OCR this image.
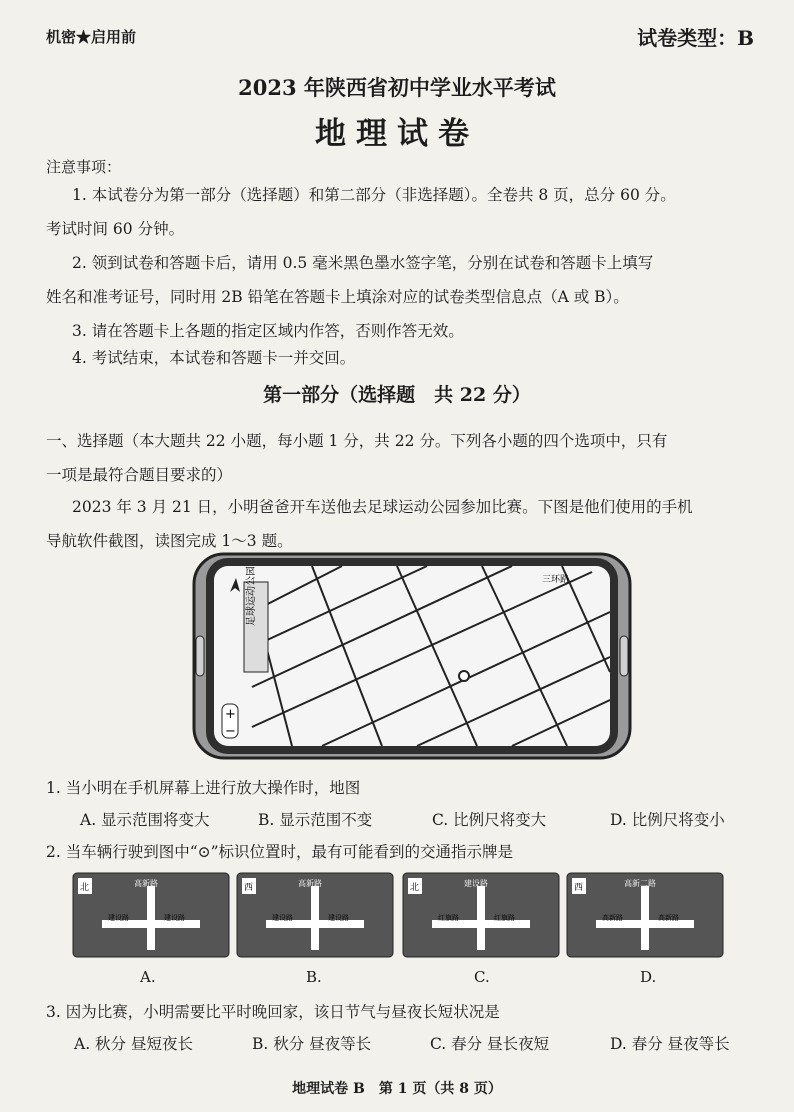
机密★启用前	试卷类型：B
2023 年陕西省初中学业水平考试
地理试卷
注意事项：
1. 本试卷分为第一部分（选择题）和第二部分（非选择题）。全卷共 8 页，总分 60 分。
考试时间 60 分钟。
2. 领到试卷和答题卡后，请用 0.5 毫米黑色墨水签字笔，分别在试卷和答题卡上填写
姓名和准考证号，同时用 2B 铅笔在答题卡上填涂对应的试卷类型信息点（A 或 B）。
3. 请在答题卡上各题的指定区域内作答，否则作答无效。
4. 考试结束，本试卷和答题卡一并交回。
第一部分（选择题　共 22 分）
一、选择题（本大题共 22 小题，每小题 1 分，共 22 分。下列各小题的四个选项中，只有
一项是最符合题目要求的）
2023 年 3 月 21 日，小明爸爸开车送他去足球运动公园参加比赛。下图是他们使用的手机
导航软件截图，读图完成 1～3 题。
+
−
足球运动公园	三环路
1. 当小明在手机屏幕上进行放大操作时，地图
A. 显示范围将变大	B. 显示范围不变	C. 比例尺将变大	D. 比例尺将变小
2. 当车辆行驶到图中“⊙”标识位置时，最有可能看到的交通指示牌是
北	高新路
建设路	建设路
西	高新路
建设路	建设路
北	建设路
红旗路	红旗路
西	高新二路
高新路	高新路
A.	B.	C.	D.
3. 因为比赛，小明需要比平时晚回家，该日节气与昼夜长短状况是
A. 秋分 昼短夜长	B. 秋分 昼夜等长	C. 春分 昼长夜短	D. 春分 昼夜等长
地理试卷 B　第 1 页（共 8 页）
